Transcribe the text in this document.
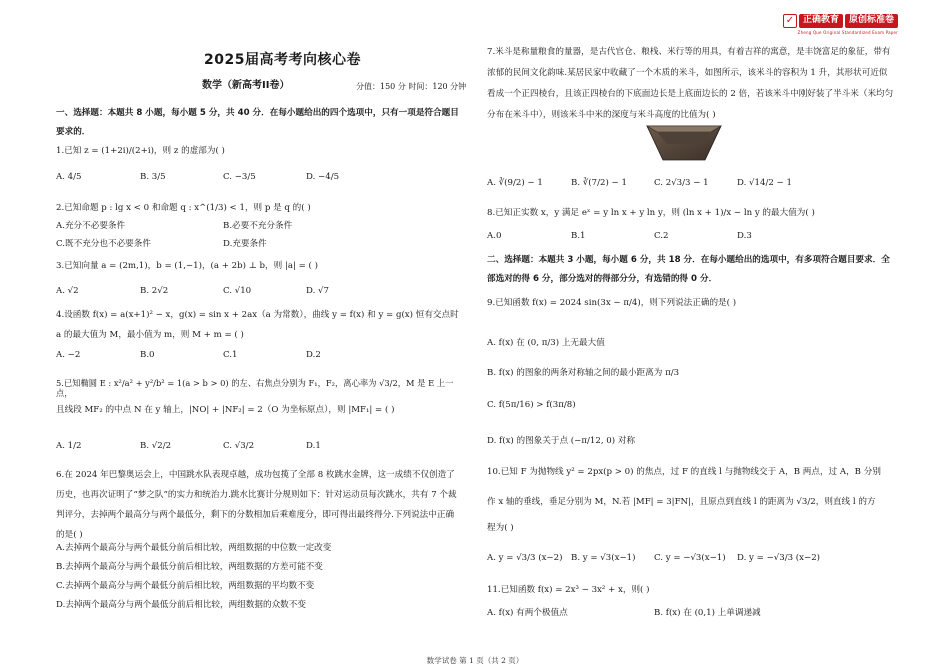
✓ 正确教育	原创标准卷
Zheng Que Original Standardized Exam Paper
2025届高考考向核心卷
数学（新高考II卷）	分值：150 分 时间：120 分钟
一、选择题：本题共 8 小题，每小题 5 分，共 40 分．在每小题给出的四个选项中，只有一项是符合题目要求的．
1.已知 z = (1+2i)/(2+i)，则 z 的虚部为( )
A. 4/5	B. 3/5	C. −3/5	D. −4/5
2.已知命题 p : lg x < 0 和命题 q : x^(1/3) < 1，则 p 是 q 的( )
A.充分不必要条件	B.必要不充分条件
C.既不充分也不必要条件	D.充要条件
3.已知向量 a = (2m,1)，b = (1,−1)，(a + 2b) ⊥ b，则 |a| = ( )
A. √2	B. 2√2	C. √10	D. √7
4.设函数 f(x) = a(x+1)² − x，g(x) = sin x + 2ax（a 为常数），曲线 y = f(x) 和 y = g(x) 恒有交点时
a 的最大值为 M，最小值为 m，则 M + m = ( )
A. −2	B.0	C.1	D.2
5.已知椭圆 E : x²/a² + y²/b² = 1(a > b > 0) 的左、右焦点分别为 F₁，F₂，离心率为 √3/2，M 是 E 上一点，
且线段 MF₂ 的中点 N 在 y 轴上，|NO| + |NF₂| = 2（O 为坐标原点），则 |MF₁| = ( )
A. 1/2	B. √2/2	C. √3/2	D.1
6.在 2024 年巴黎奥运会上，中国跳水队表现卓越，成功包揽了全部 8 枚跳水金牌，这一成绩不仅创造了历史，也再次证明了“梦之队”的实力和统治力.跳水比赛计分规则如下：针对运动员每次跳水，共有 7 个裁判评分，去掉两个最高分与两个最低分，剩下的分数相加后乘难度分，即可得出最终得分.下列说法中正确的是( )
A.去掉两个最高分与两个最低分前后相比较，两组数据的中位数一定改变
B.去掉两个最高分与两个最低分前后相比较，两组数据的方差可能不变
C.去掉两个最高分与两个最低分前后相比较，两组数据的平均数不变
D.去掉两个最高分与两个最低分前后相比较，两组数据的众数不变
7.米斗是称量粮食的量器，是古代官仓、粮栈、米行等的用具，有着吉祥的寓意，是丰饶富足的象征，带有浓郁的民间文化韵味.某居民家中收藏了一个木质的米斗，如图所示，该米斗的容积为 1 升，其形状可近似看成一个正四棱台，且该正四棱台的下底面边长是上底面边长的 2 倍，若该米斗中刚好装了半斗米（米均匀分布在米斗中），则该米斗中米的深度与米斗高度的比值为( )
A. ∛(9/2) − 1	B. ∛(7/2) − 1	C. 2√3/3 − 1	D. √14/2 − 1
8.已知正实数 x，y 满足 eˣ = y ln x + y ln y，则 (ln x + 1)/x − ln y 的最大值为( )
A.0	B.1	C.2	D.3
二、选择题：本题共 3 小题，每小题 6 分，共 18 分．在每小题给出的选项中，有多项符合题目要求．全部选对的得 6 分，部分选对的得部分分，有选错的得 0 分．
9.已知函数 f(x) = 2024 sin(3x − π/4)，则下列说法正确的是( )
A. f(x) 在 (0, π/3) 上无最大值
B. f(x) 的图象的两条对称轴之间的最小距离为 π/3
C. f(5π/16) > f(3π/8)
D. f(x) 的图象关于点 (−π/12, 0) 对称
10.已知 F 为抛物线 y² = 2px(p > 0) 的焦点，过 F 的直线 l 与抛物线交于 A，B 两点，过 A，B 分别
作 x 轴的垂线，垂足分别为 M，N.若 |MF| = 3|FN|，且原点到直线 l 的距离为 √3/2，则直线 l 的方
程为( )
A. y = √3/3 (x−2) B. y = √3(x−1) C. y = −√3(x−1) D. y = −√3/3 (x−2)
11.已知函数 f(x) = 2x³ − 3x² + x，则( )
A. f(x) 有两个极值点	B. f(x) 在 (0,1) 上单调递减
数学试卷 第 1 页（共 2 页）
